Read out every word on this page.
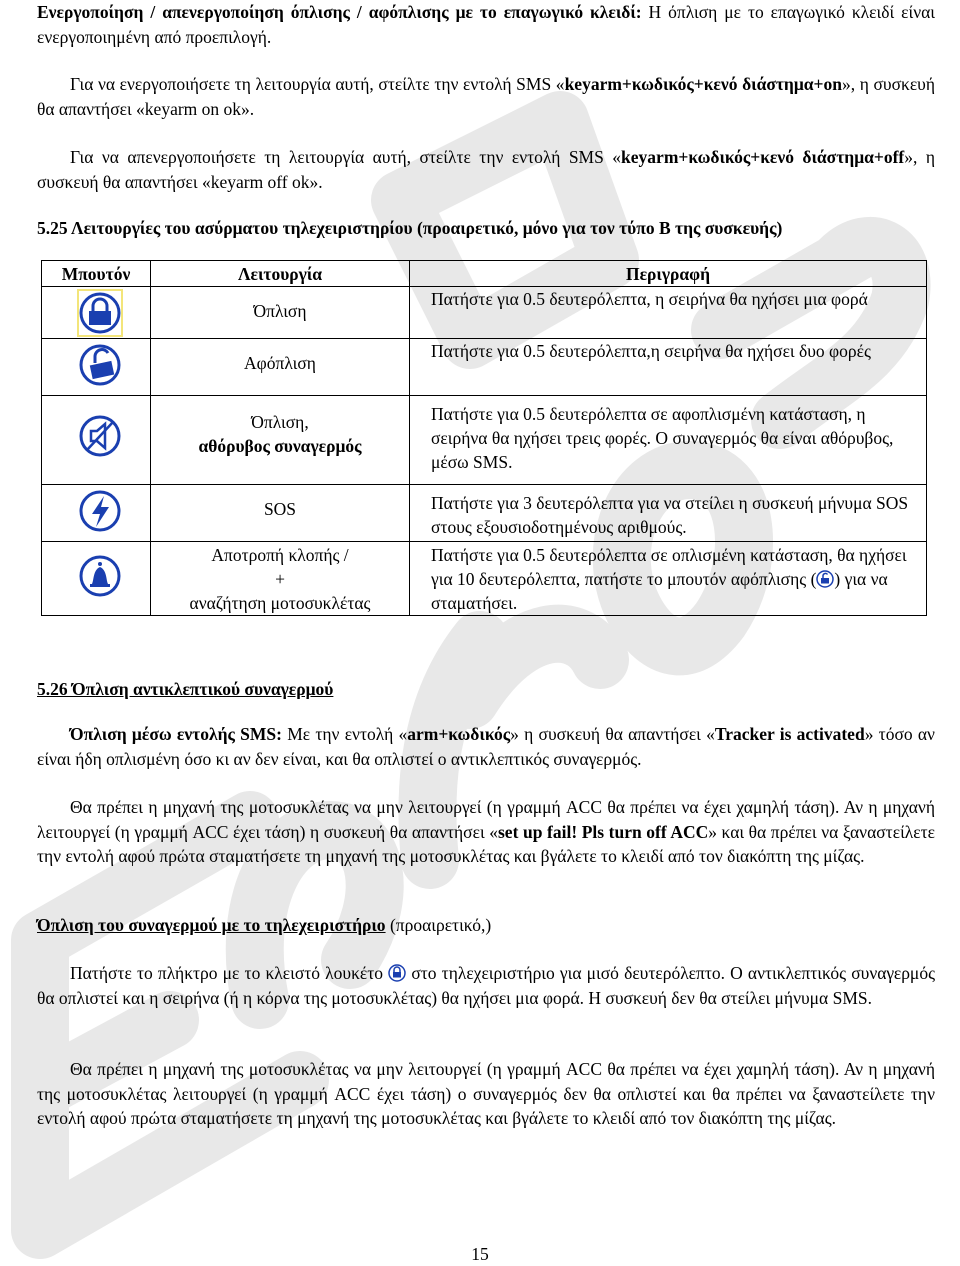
Ενεργοποίηση / απενεργοποίηση όπλισης / αφόπλισης με το επαγωγικό κλειδί: Η όπλιση με το επαγωγικό κλειδί είναι ενεργοποιημένη από προεπιλογή.

Για να ενεργοποιήσετε τη λειτουργία αυτή, στείλτε την εντολή SMS «keyarm+κωδικός+κενό διάστημα+on», η συσκευή θα απαντήσει «keyarm on ok».

Για να απενεργοποιήσετε τη λειτουργία αυτή, στείλτε την εντολή SMS «keyarm+κωδικός+κενό διάστημα+off», η συσκευή θα απαντήσει «keyarm off ok».

5.25 Λειτουργίες του ασύρματου τηλεχειριστηρίου (προαιρετικό, μόνο για τον τύπο B της συσκευής)

Μπουτόν	Λειτουργία	Περιγραφή

Όπλιση	Πατήστε για 0.5 δευτερόλεπτα, η σειρήνα θα ηχήσει μια φορά

Αφόπλιση	Πατήστε για 0.5 δευτερόλεπτα,η σειρήνα θα ηχήσει δυο φορές

Όπλιση,
αθόρυβος συναγερμός	Πατήστε για 0.5 δευτερόλεπτα σε αφοπλισμένη κατάσταση, η σειρήνα θα ηχήσει τρεις φορές. Ο συναγερμός θα είναι αθόρυβος, μέσω SMS.

SOS	Πατήστε για 3 δευτερόλεπτα για να στείλει η συσκευή μήνυμα SOS στους εξουσιοδοτημένους αριθμούς.

Αποτροπή κλοπής /
+
αναζήτηση μοτοσυκλέτας	Πατήστε για 0.5 δευτερόλεπτα σε οπλισμένη κατάσταση, θα ηχήσει για 10 δευτερόλεπτα, πατήστε το μπουτόν αφόπλισης ( ) για να σταματήσει.

5.26 Όπλιση αντικλεπτικού συναγερμού

Όπλιση μέσω εντολής SMS: Με την εντολή «arm+κωδικός» η συσκευή θα απαντήσει «Tracker is activated» τόσο αν είναι ήδη οπλισμένη όσο κι αν δεν είναι, και θα οπλιστεί ο αντικλεπτικός συναγερμός.

Θα πρέπει η μηχανή της μοτοσυκλέτας να μην λειτουργεί (η γραμμή ACC θα πρέπει να έχει χαμηλή τάση). Αν η μηχανή λειτουργεί (η γραμμή ACC έχει τάση) η συσκευή θα απαντήσει «set up fail! Pls turn off ACC» και θα πρέπει να ξαναστείλετε την εντολή αφού πρώτα σταματήσετε τη μηχανή της μοτοσυκλέτας και βγάλετε το κλειδί από τον διακόπτη της μίζας.

Όπλιση του συναγερμού με το τηλεχειριστήριο (προαιρετικό,)

Πατήστε το πλήκτρο με το κλειστό λουκέτο  στο τηλεχειριστήριο για μισό δευτερόλεπτο. Ο αντικλεπτικός συναγερμός θα οπλιστεί και η σειρήνα (ή η κόρνα της μοτοσυκλέτας) θα ηχήσει μια φορά. Η συσκευή δεν θα στείλει μήνυμα SMS.

Θα πρέπει η μηχανή της μοτοσυκλέτας να μην λειτουργεί (η γραμμή ACC θα πρέπει να έχει χαμηλή τάση). Αν η μηχανή της μοτοσυκλέτας λειτουργεί (η γραμμή ACC έχει τάση) ο συναγερμός δεν θα οπλιστεί και θα πρέπει να ξαναστείλετε την εντολή αφού πρώτα σταματήσετε τη μηχανή της μοτοσυκλέτας και βγάλετε το κλειδί από τον διακόπτη της μίζας.

15
